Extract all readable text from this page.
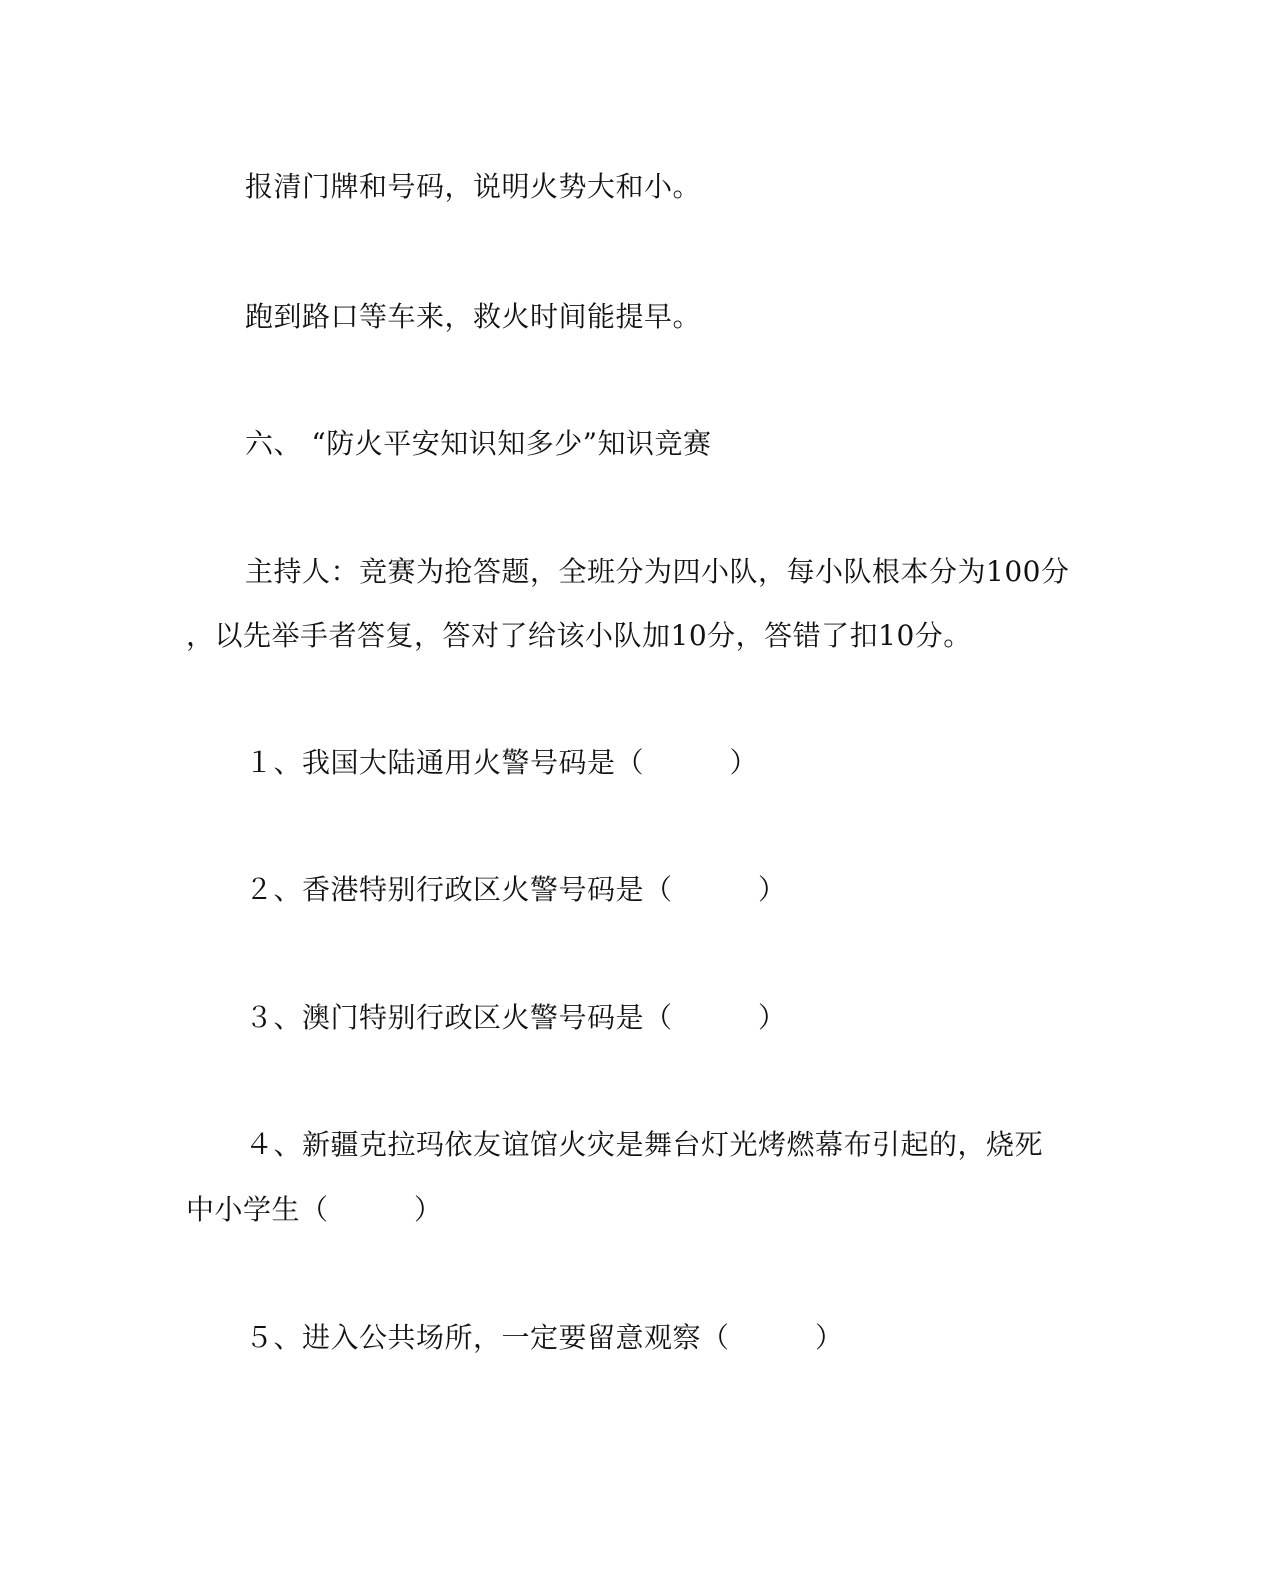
报清门牌和号码，说明火势大和小。
跑到路口等车来，救火时间能提早。
六、 “防火平安知识知多少”知识竞赛
主持人：竞赛为抢答题，全班分为四小队，每小队根本分为100分
，以先举手者答复，答对了给该小队加10分，答错了扣10分。
１、我国大陆通用火警号码是（　　　）
２、香港特别行政区火警号码是（　　　）
３、澳门特别行政区火警号码是（　　　）
４、新疆克拉玛依友谊馆火灾是舞台灯光烤燃幕布引起的，烧死
中小学生（　　　）
５、进入公共场所，一定要留意观察（　　　）
